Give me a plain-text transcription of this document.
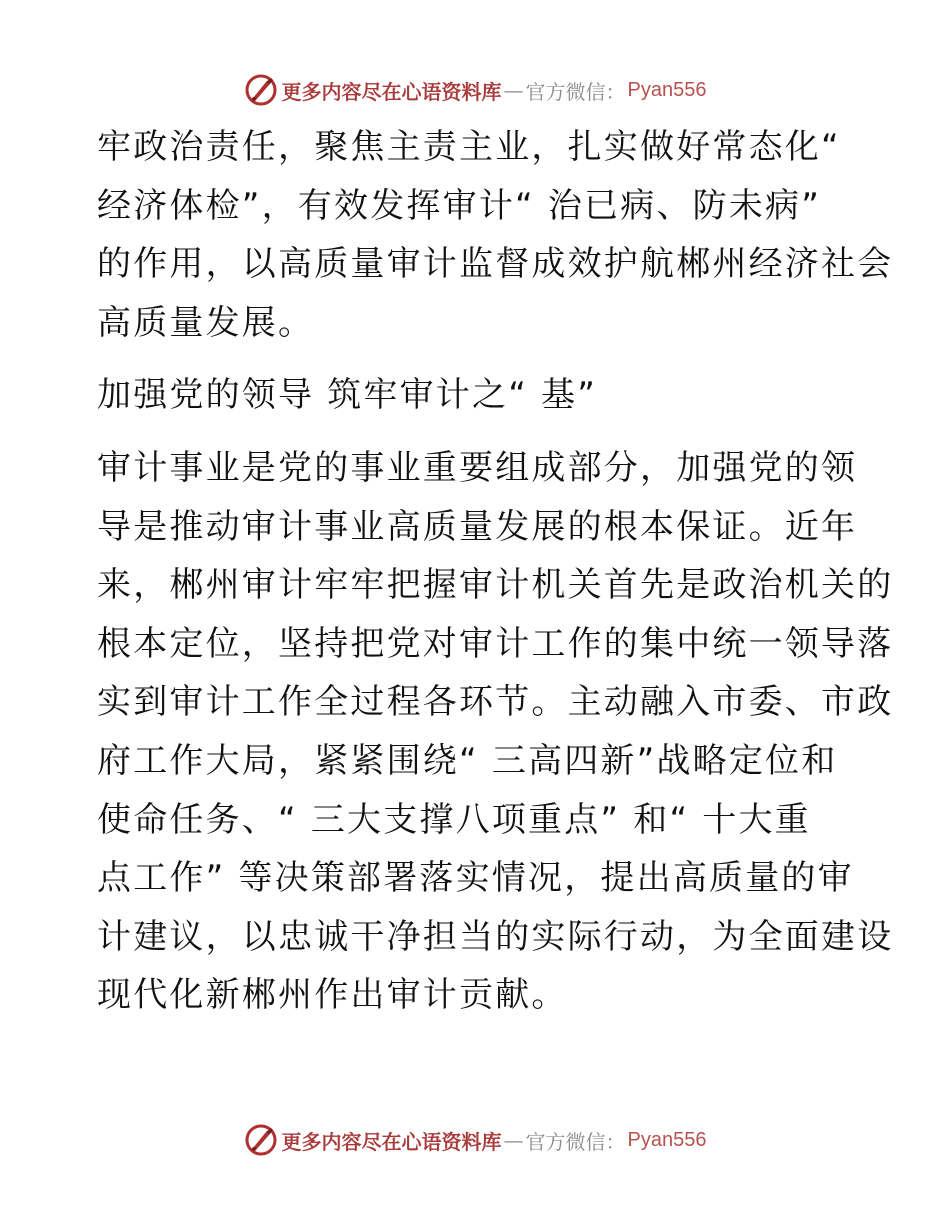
更多内容尽在心语资料库 — 官方微信： Pyan556
牢政治责任，聚焦主责主业，扎实做好常态化“
经济体检”，有效发挥审计“ 治已病、防未病”
的作用，以高质量审计监督成效护航郴州经济社会
高质量发展。
加强党的领导 筑牢审计之“ 基”
审计事业是党的事业重要组成部分，加强党的领
导是推动审计事业高质量发展的根本保证。近年
来，郴州审计牢牢把握审计机关首先是政治机关的
根本定位，坚持把党对审计工作的集中统一领导落
实到审计工作全过程各环节。主动融入市委、市政
府工作大局，紧紧围绕“ 三高四新”战略定位和
使命任务、“ 三大支撑八项重点” 和“ 十大重
点工作” 等决策部署落实情况，提出高质量的审
计建议，以忠诚干净担当的实际行动，为全面建设
现代化新郴州作出审计贡献。
更多内容尽在心语资料库 — 官方微信： Pyan556
